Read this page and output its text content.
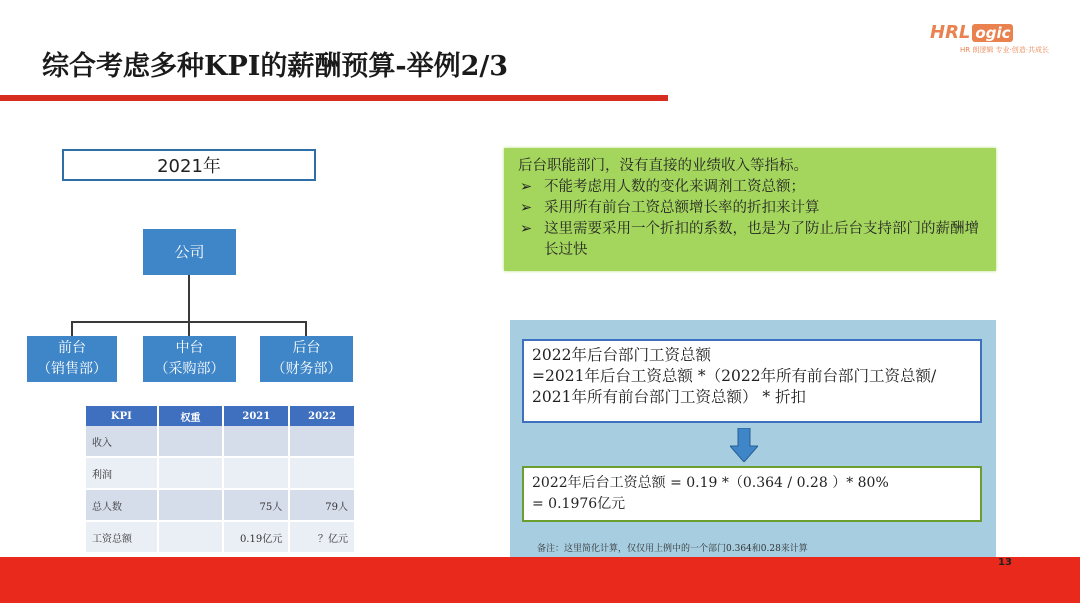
综合考虑多种KPI的薪酬预算-举例2/3
HRL ogic
HR 朗逻辑 专业·创造·共成长
2021年
公司
前台
（销售部）
中台
（采购部）
后台
（财务部）
KPI	权重	2021	2022
收入			
利润			
总人数		75人	79人
工资总额		0.19亿元	？亿元
后台职能部门，没有直接的业绩收入等指标。
➢ 不能考虑用人数的变化来调剂工资总额；
➢ 采用所有前台工资总额增长率的折扣来计算
➢ 这里需要采用一个折扣的系数，也是为了防止后台支持部门的薪酬增长过快
2022年后台部门工资总额
=2021年后台工资总额 *（2022年所有前台部门工资总额/ 2021年所有前台部门工资总额） * 折扣
2022年后台工资总额 = 0.19 *（0.364 / 0.28 ）* 80%
= 0.1976亿元
备注：这里简化计算，仅仅用上例中的一个部门0.364和0.28来计算
13
